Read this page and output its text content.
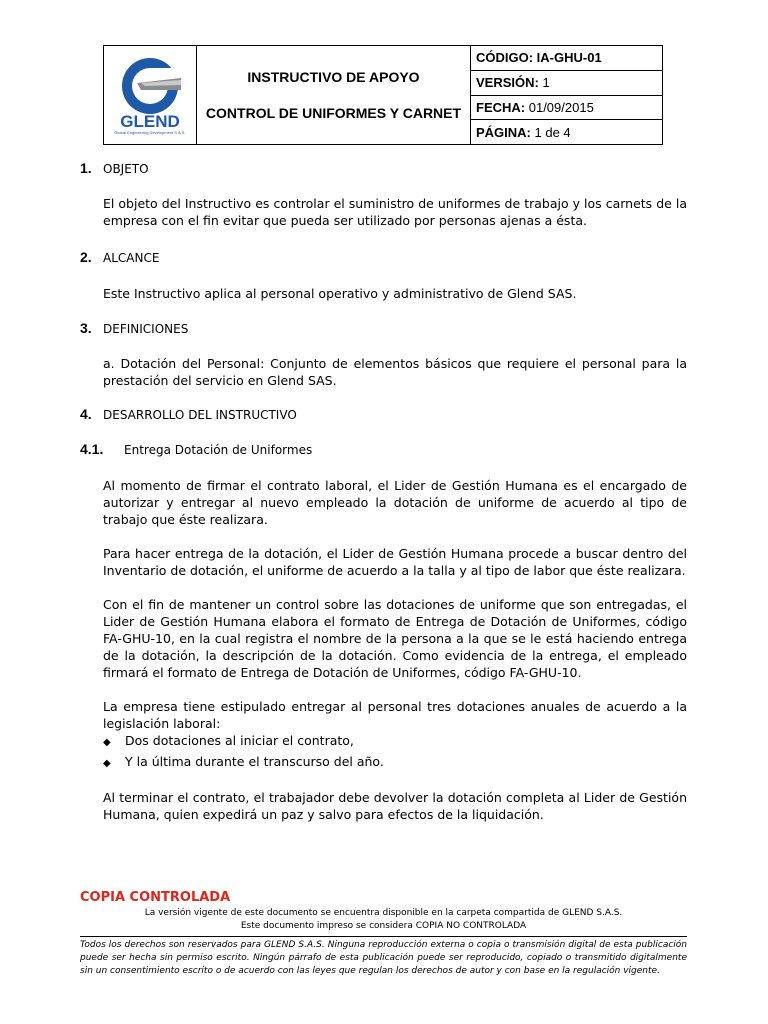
GLEND
Global Engineering Development S.A.S.

INSTRUCTIVO DE APOYO
CONTROL DE UNIFORMES Y CARNET
	CÓDIGO: IA-GHU-01
VERSIÓN: 1
FECHA: 01/09/2015
PÁGINA: 1 de 4
1. OBJETO
El objeto del Instructivo es controlar el suministro de uniformes de trabajo y los carnets de la empresa con el fin evitar que pueda ser utilizado por personas ajenas a ésta.
2. ALCANCE
Este Instructivo aplica al personal operativo y administrativo de Glend SAS.
3. DEFINICIONES
a. Dotación del Personal: Conjunto de elementos básicos que requiere el personal para la prestación del servicio en Glend SAS.
4. DESARROLLO DEL INSTRUCTIVO
4.1.	Entrega Dotación de Uniformes
Al momento de firmar el contrato laboral, el Lider de Gestión Humana es el encargado de autorizar y entregar al nuevo empleado la dotación de uniforme de acuerdo al tipo de trabajo que éste realizara.
Para hacer entrega de la dotación, el Lider de Gestión Humana procede a buscar dentro del Inventario de dotación, el uniforme de acuerdo a la talla y al tipo de labor que éste realizara.
Con el fin de mantener un control sobre las dotaciones de uniforme que son entregadas, el Lider de Gestión Humana elabora el formato de Entrega de Dotación de Uniformes, código FA-GHU-10, en la cual registra el nombre de la persona a la que se le está haciendo entrega de la dotación, la descripción de la dotación. Como evidencia de la entrega, el empleado firmará el formato de Entrega de Dotación de Uniformes, código FA-GHU-10.
La empresa tiene estipulado entregar al personal tres dotaciones anuales de acuerdo a la legislación laboral:
◆	Dos dotaciones al iniciar el contrato,
◆	Y la última durante el transcurso del año.
Al terminar el contrato, el trabajador debe devolver la dotación completa al Lider de Gestión Humana, quien expedirá un paz y salvo para efectos de la liquidación.
COPIA CONTROLADA
La versión vigente de este documento se encuentra disponible en la carpeta compartida de GLEND S.A.S.
Este documento impreso se considera COPIA NO CONTROLADA
Todos los derechos son reservados para GLEND S.A.S. Ninguna reproducción externa o copia o transmisión digital de esta publicación puede ser hecha sin permiso escrito. Ningún párrafo de esta publicación puede ser reproducido, copiado o transmitido digitalmente sin un consentimiento escrito o de acuerdo con las leyes que regulan los derechos de autor y con base en la regulación vigente.
